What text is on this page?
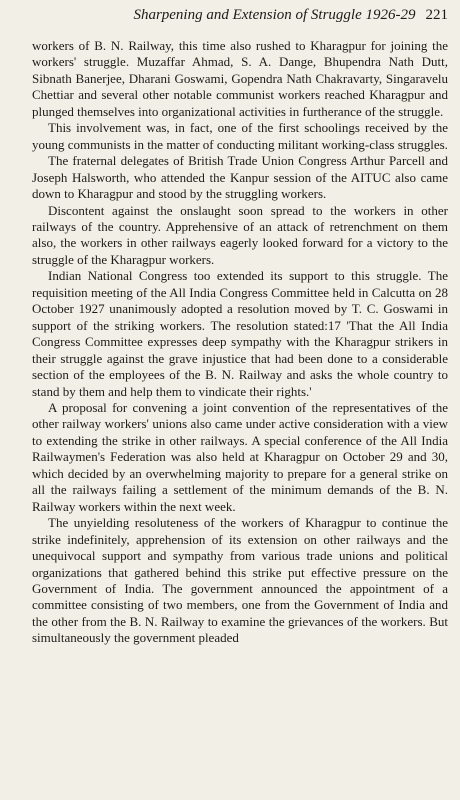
Sharpening and Extension of Struggle 1926-29 221

workers of B. N. Railway, this time also rushed to Kharagpur for joining the workers' struggle. Muzaffar Ahmad, S. A. Dange, Bhupendra Nath Dutt, Sibnath Banerjee, Dharani Goswami, Gopendra Nath Chakravarty, Singaravelu Chettiar and several other notable communist workers reached Kharagpur and plunged themselves into organizational activities in furtherance of the struggle.

This involvement was, in fact, one of the first schoolings received by the young communists in the matter of conducting militant working-class struggles.

The fraternal delegates of British Trade Union Congress Arthur Parcell and Joseph Halsworth, who attended the Kanpur session of the AITUC also came down to Kharagpur and stood by the struggling workers.

Discontent against the onslaught soon spread to the workers in other railways of the country. Apprehensive of an attack of retrenchment on them also, the workers in other railways eagerly looked forward for a victory to the struggle of the Kharagpur workers.

Indian National Congress too extended its support to this struggle. The requisition meeting of the All India Congress Committee held in Calcutta on 28 October 1927 unanimously adopted a resolution moved by T. C. Goswami in support of the striking workers. The resolution stated:17 'That the All India Congress Committee expresses deep sympathy with the Kharagpur strikers in their struggle against the grave injustice that had been done to a considerable section of the employees of the B. N. Railway and asks the whole country to stand by them and help them to vindicate their rights.'

A proposal for convening a joint convention of the representatives of the other railway workers' unions also came under active consideration with a view to extending the strike in other railways. A special conference of the All India Railwaymen's Federation was also held at Kharagpur on October 29 and 30, which decided by an overwhelming majority to prepare for a general strike on all the railways failing a settlement of the minimum demands of the B. N. Railway workers within the next week.

The unyielding resoluteness of the workers of Kharagpur to continue the strike indefinitely, apprehension of its extension on other railways and the unequivocal support and sympathy from various trade unions and political organizations that gathered behind this strike put effective pressure on the Government of India. The government announced the appointment of a committee consisting of two members, one from the Government of India and the other from the B. N. Railway to examine the grievances of the workers. But simultaneously the government pleaded
